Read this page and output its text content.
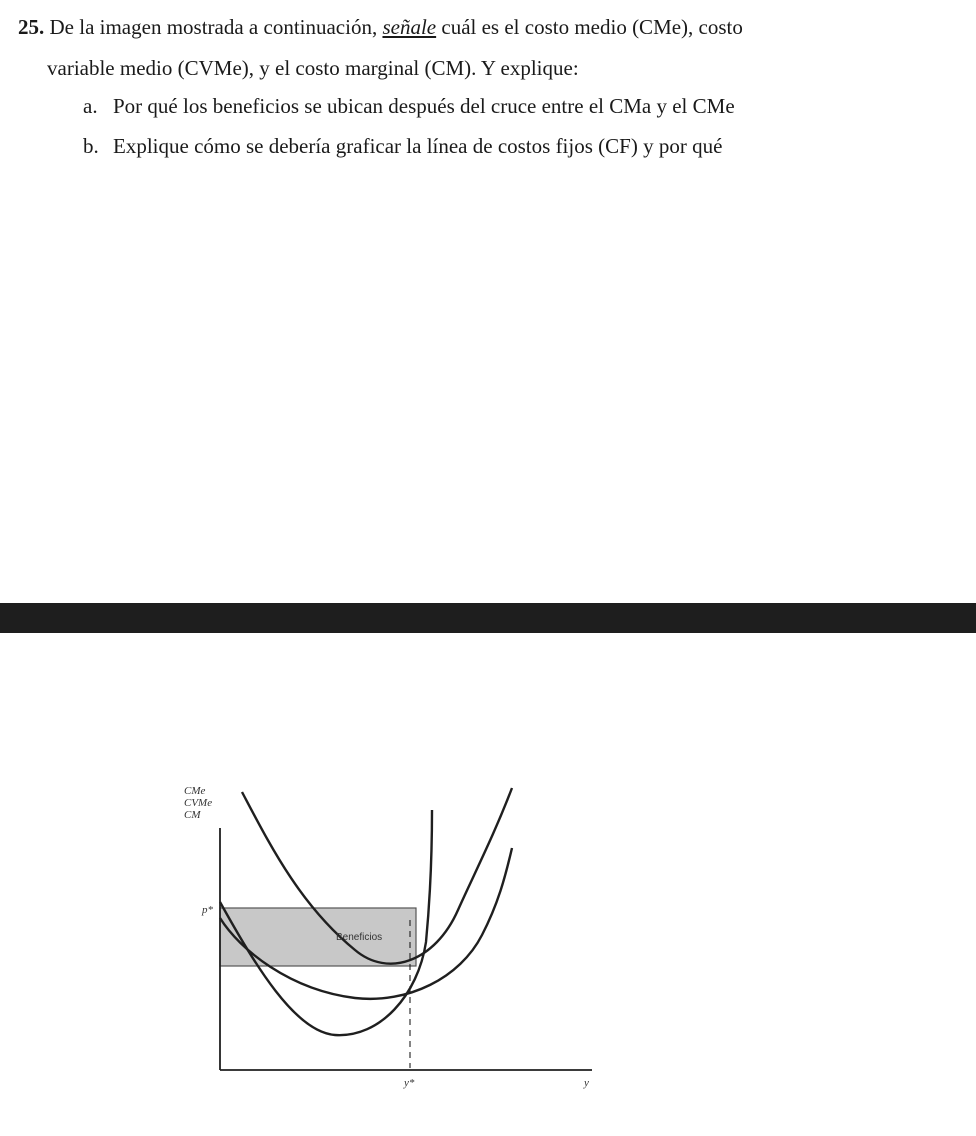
25. De la imagen mostrada a continuación, señale cuál es el costo medio (CMe), costo
variable medio (CVMe), y el costo marginal (CM). Y explique:
a. Por qué los beneficios se ubican después del cruce entre el CMa y el CMe
b. Explique cómo se debería graficar la línea de costos fijos (CF) y por qué
CMe
CVMe
CM
p*
Beneficios
y*	y
